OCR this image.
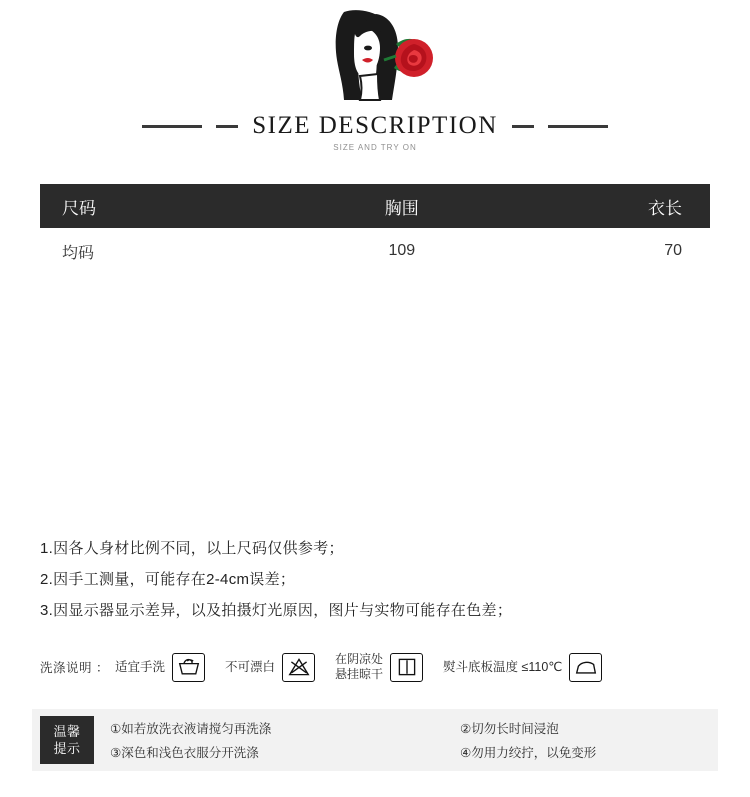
SIZE DESCRIPTION
SIZE AND TRY ON
尺码	胸围	衣长
均码	109	70
1.因各人身材比例不同，以上尺码仅供参考；
2.因手工测量，可能存在2-4cm误差；
3.因显示器显示差异，以及拍摄灯光原因，图片与实物可能存在色差；
洗涤说明 ： 适宜手洗	不可漂白
在阴凉处
悬挂晾干
熨斗底板温度 ≤110℃
温馨
提示
①如若放洗衣液请搅匀再洗涤	②切勿长时间浸泡
③深色和浅色衣服分开洗涤	④勿用力绞拧，以免变形
